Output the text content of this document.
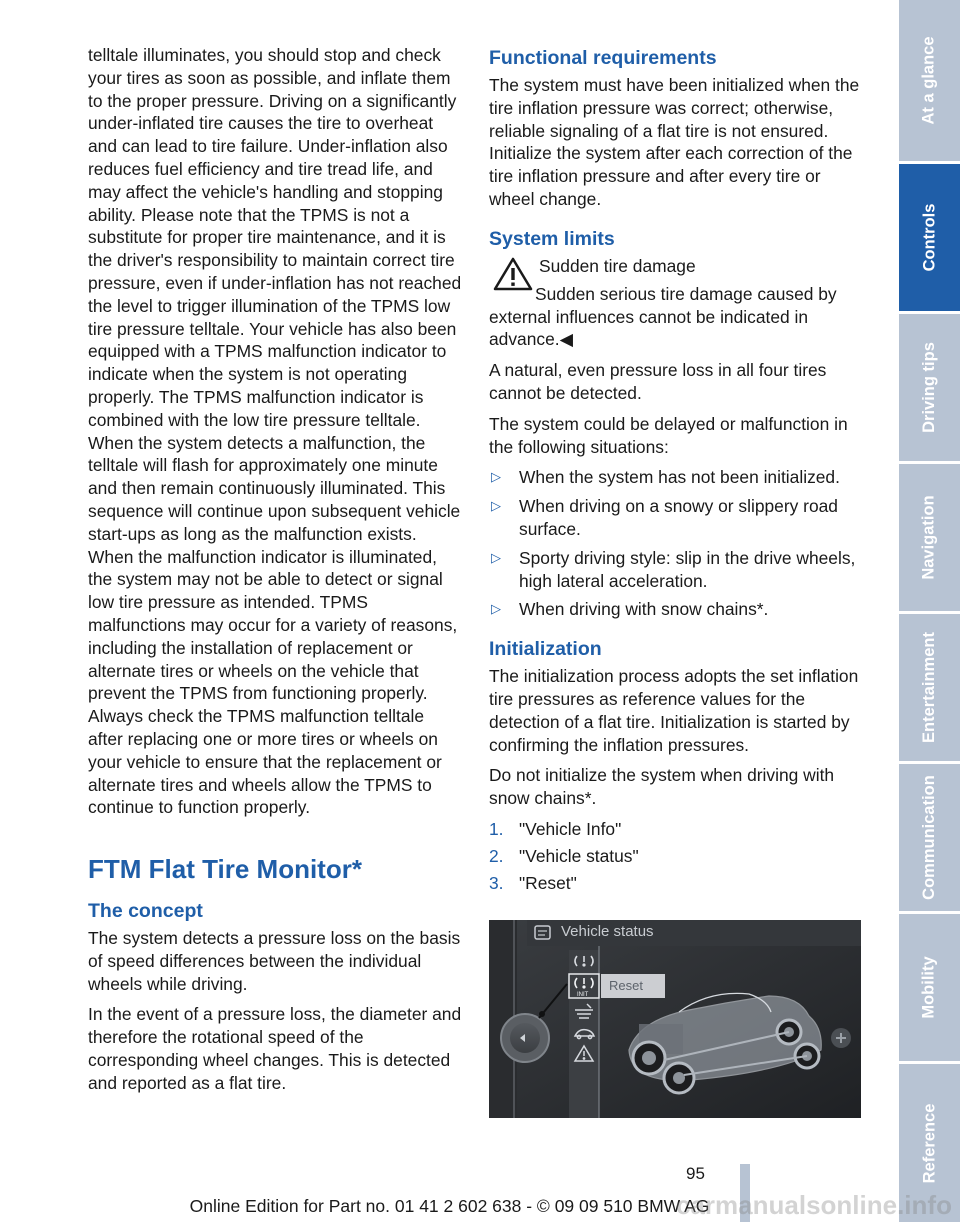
telltale illuminates, you should stop and check your tires as soon as possible, and inflate them to the proper pressure. Driving on a significantly under-inflated tire causes the tire to overheat and can lead to tire failure. Under-inflation also reduces fuel efficiency and tire tread life, and may affect the vehicle's handling and stopping ability. Please note that the TPMS is not a substitute for proper tire maintenance, and it is the driver's responsibility to maintain correct tire pressure, even if under-inflation has not reached the level to trigger illumination of the TPMS low tire pressure telltale. Your vehicle has also been equipped with a TPMS malfunction indicator to indicate when the system is not operating properly. The TPMS malfunction indicator is combined with the low tire pressure telltale. When the system detects a malfunction, the telltale will flash for approximately one minute and then remain continuously illuminated. This sequence will continue upon subsequent vehicle start-ups as long as the malfunction exists. When the malfunction indicator is illuminated, the system may not be able to detect or signal low tire pressure as intended. TPMS malfunctions may occur for a variety of reasons, including the installation of replacement or alternate tires or wheels on the vehicle that prevent the TPMS from functioning properly. Always check the TPMS malfunction telltale after replacing one or more tires or wheels on your vehicle to ensure that the replacement or alternate tires and wheels allow the TPMS to continue to function properly.

FTM Flat Tire Monitor*
The concept

The system detects a pressure loss on the basis of speed differences between the individual wheels while driving.

In the event of a pressure loss, the diameter and therefore the rotational speed of the corresponding wheel changes. This is detected and reported as a flat tire.

Functional requirements

The system must have been initialized when the tire inflation pressure was correct; otherwise, reliable signaling of a flat tire is not ensured. Initialize the system after each correction of the tire inflation pressure and after every tire or wheel change.

System limits
Sudden tire damage

Sudden serious tire damage caused by external influences cannot be indicated in advance.◀

A natural, even pressure loss in all four tires cannot be detected.

The system could be delayed or malfunction in the following situations:

▷ When the system has not been initialized.
▷ When driving on a snowy or slippery road surface.
▷ Sporty driving style: slip in the drive wheels, high lateral acceleration.
▷ When driving with snow chains*.
Initialization

The initialization process adopts the set inflation tire pressures as reference values for the detection of a flat tire. Initialization is started by confirming the inflation pressures.

Do not initialize the system when driving with snow chains*.

1. "Vehicle Info"
2. "Vehicle status"
3. "Reset"
INIT
Reset
Vehicle status
At a glance
Controls
Driving tips
Navigation
Entertainment
Communication
Mobility
Reference
95
Online Edition for Part no. 01 41 2 602 638 - © 09 09 510 BMW AG
carmanualsonline.info
